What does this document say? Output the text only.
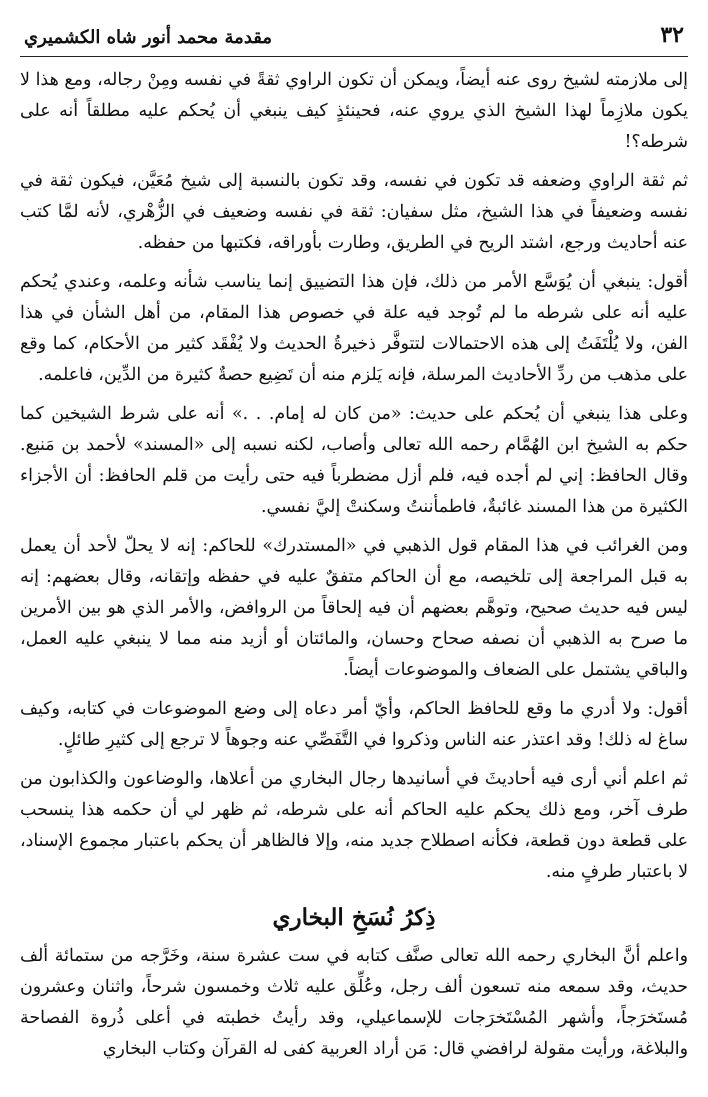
٣٢
مقدمة محمد أنور شاه الكشميري

إلى ملازمته لشيخ روى عنه أيضاً، ويمكن أن تكون الراوي ثقةً في نفسه ومِنْ رجاله، ومع هذا لا يكون ملازِماً لهذا الشيخ الذي يروي عنه، فحينئذٍ كيف ينبغي أن يُحكم عليه مطلقاً أنه على شرطه؟!

ثم ثقة الراوي وضعفه قد تكون في نفسه، وقد تكون بالنسبة إلى شيخ مُعَيَّن، فيكون ثقة في نفسه وضعيفاً في هذا الشيخ، مثل سفيان: ثقة في نفسه وضعيف في الزُّهْري، لأنه لمَّا كتب عنه أحاديث ورجع، اشتد الريح في الطريق، وطارت بأوراقه، فكتبها من حفظه.

أقول: ينبغي أن يُوَسَّع الأمر من ذلك، فإن هذا التضييق إنما يناسب شأنه وعلمه، وعندي يُحكم عليه أنه على شرطه ما لم تُوجد فيه علة في خصوص هذا المقام، من أهل الشأن في هذا الفن، ولا يُلْتَفَتُ إلى هذه الاحتمالات لتتوفَّر ذخيرةُ الحديث ولا يُفْقَد كثير من الأحكام، كما وقع على مذهب من ردِّ الأحاديث المرسلة، فإنه يَلزم منه أن تَضِيع حصةٌ كثيرة من الدِّين، فاعلمه.

وعلى هذا ينبغي أن يُحكم على حديث: «من كان له إمام. . .» أنه على شرط الشيخين كما حكم به الشيخ ابن الهُمَّام رحمه الله تعالى وأصاب، لكنه نسبه إلى «المسند» لأحمد بن مَنيع. وقال الحافظ: إني لم أجده فيه، فلم أزل مضطرباً فيه حتى رأيت من قلم الحافظ: أن الأجزاء الكثيرة من هذا المسند غائبةٌ، فاطمأننتُ وسكنتْ إليَّ نفسي.

ومن الغرائب في هذا المقام قول الذهبي في «المستدرك» للحاكم: إنه لا يحلّ لأحد أن يعمل به قبل المراجعة إلى تلخيصه، مع أن الحاكم متفقٌ عليه في حفظه وإتقانه، وقال بعضهم: إنه ليس فيه حديث صحيح، وتوهَّم بعضهم أن فيه إلحاقاً من الروافض، والأمر الذي هو بين الأمرين ما صرح به الذهبي أن نصفه صحاح وحسان، والمائتان أو أزيد منه مما لا ينبغي عليه العمل، والباقي يشتمل على الضعاف والموضوعات أيضاً.

أقول: ولا أدري ما وقع للحافظ الحاكم، وأيّ أمر دعاه إلى وضع الموضوعات في كتابه، وكيف ساغ له ذلك! وقد اعتذر عنه الناس وذكروا في التَّفَصِّي عنه وجوهاً لا ترجع إلى كثيرِ طائلٍ.

ثم اعلم أني أرى فيه أحاديثَ في أسانيدها رجال البخاري من أعلاها، والوضاعون والكذابون من طرف آخر، ومع ذلك يحكم عليه الحاكم أنه على شرطه، ثم ظهر لي أن حكمه هذا ينسحب على قطعة دون قطعة، فكأنه اصطلاح جديد منه، وإلا فالظاهر أن يحكم باعتبار مجموع الإسناد، لا باعتبار طرفٍ منه.

ذِكرُ نُسَخِ البخاري

واعلم أنَّ البخاري رحمه الله تعالى صنَّف كتابه في ست عشرة سنة، وخَرَّجه من ستمائة ألف حديث، وقد سمعه منه تسعون ألف رجل، وعُلِّق عليه ثلاث وخمسون شرحاً، واثنان وعشرون مُستَخرَجاً، وأشهر المُسْتَخرَجات للإسماعيلي، وقد رأيتُ خطبته في أعلى ذُروة الفصاحة والبلاغة، ورأيت مقولة لرافضي قال: مَن أراد العربية كفى له القرآن وكتاب البخاري
